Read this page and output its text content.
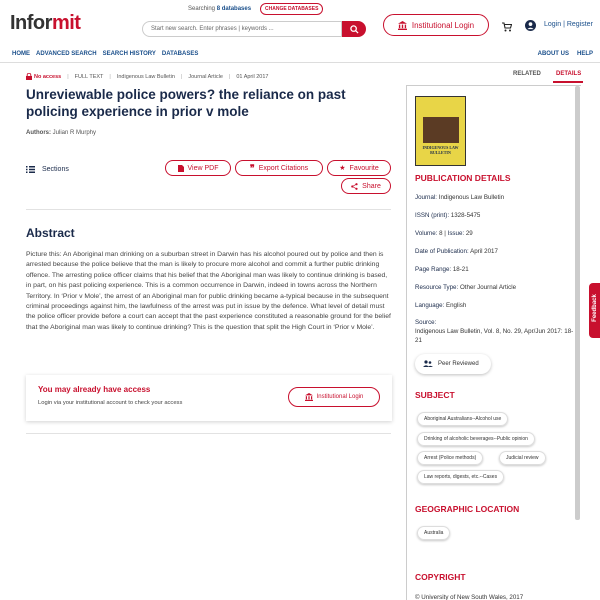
Informit
Searching 8 databases	CHANGE DATABASES
Start new search. Enter phrases | keywords ...	Institutional Login	Login | Register
HOME ADVANCED SEARCH SEARCH HISTORY DATABASES	ABOUT US HELP
No access | FULL TEXT | Indigenous Law Bulletin | Journal Article | 01 April 2017
Unreviewable police powers? the reliance on past policing experience in prior v mole
Authors: Julian R Murphy
Sections	View PDF	❞ Export Citations	★ Favourite
Share
Abstract
Picture this: An Aboriginal man drinking on a suburban street in Darwin has his alcohol poured out by police and then is arrested because the police believe that the man is likely to procure more alcohol and commit a further public drinking offence. The arresting police officer claims that his belief that the Aboriginal man was likely to continue drinking is based, in part, on his past policing experience. This is a common occurrence in Darwin, indeed in towns across the Northern Territory. In ‘Prior v Mole’, the arrest of an Aboriginal man for public drinking became a-typical because in the subsequent criminal proceedings against him, the lawfulness of the arrest was put in issue by the defence. What level of detail must the police officer provide before a court can accept that the past experience constituted a reasonable ground for the belief that the Aboriginal man was likely to continue drinking? This is the question that split the High Court in ‘Prior v Mole’.
You may already have access
Login via your institutional account to check your access
Institutional Login
RELATED	DETAILS
INDIGENOUS LAW BULLETIN
PUBLICATION DETAILS
Journal: Indigenous Law Bulletin
ISSN (print): 1328-5475
Volume: 8 | Issue: 29
Date of Publication: April 2017
Page Range: 18-21
Resource Type: Other Journal Article
Language: English
Source:
Indigenous Law Bulletin, Vol. 8, No. 29, Apr/Jun 2017: 18-21
Peer Reviewed
SUBJECT
Aboriginal Australians--Alcohol use
Drinking of alcoholic beverages--Public opinion
Arrest (Police methods)	Judicial review
Law reports, digests, etc.--Cases
GEOGRAPHIC LOCATION
Australia
COPYRIGHT
© University of New South Wales, 2017
Feedback
